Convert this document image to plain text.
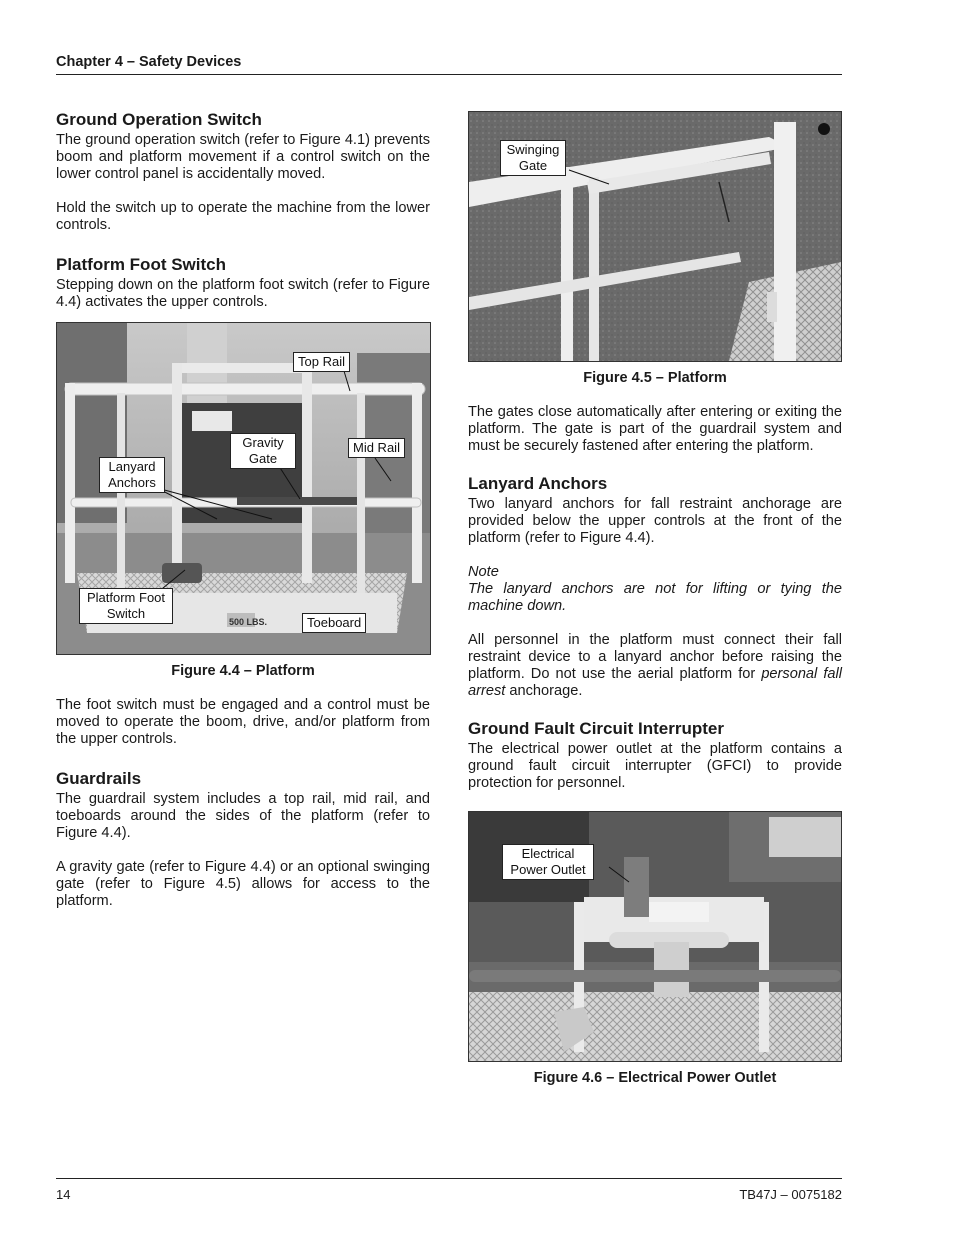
Chapter 4 – Safety Devices
Ground Operation Switch

The ground operation switch (refer to Figure 4.1) prevents boom and platform movement if a control switch on the lower control panel is accidentally moved.

Hold the switch up to operate the machine from the lower controls.

Platform Foot Switch

Stepping down on the platform foot switch (refer to Figure 4.4) activates the upper controls.

500 LBS.
Top Rail
Gravity
Gate
Mid Rail
Lanyard
Anchors
Platform Foot
Switch
Toeboard
Figure 4.4 – Platform

The foot switch must be engaged and a control must be moved to operate the boom, drive, and/or platform from the upper controls.

Guardrails

The guardrail system includes a top rail, mid rail, and toeboards around the sides of the platform (refer to Figure 4.4).

A gravity gate (refer to Figure 4.4) or an optional swinging gate (refer to Figure 4.5) allows for access to the platform.

Swinging
Gate
Figure 4.5 – Platform

The gates close automatically after entering or exiting the platform. The gate is part of the guardrail system and must be securely fastened after entering the platform.

Lanyard Anchors

Two lanyard anchors for fall restraint anchorage are provided below the upper controls at the front of the platform (refer to Figure 4.4).

Note

The lanyard anchors are not for lifting or tying the machine down.

All personnel in the platform must connect their fall restraint device to a lanyard anchor before raising the platform. Do not use the aerial platform for personal fall arrest anchorage.

Ground Fault Circuit Interrupter

The electrical power outlet at the platform contains a ground fault circuit interrupter (GFCI) to provide protection for personnel.

Electrical
Power Outlet
Figure 4.6 – Electrical Power Outlet
14	TB47J – 0075182
